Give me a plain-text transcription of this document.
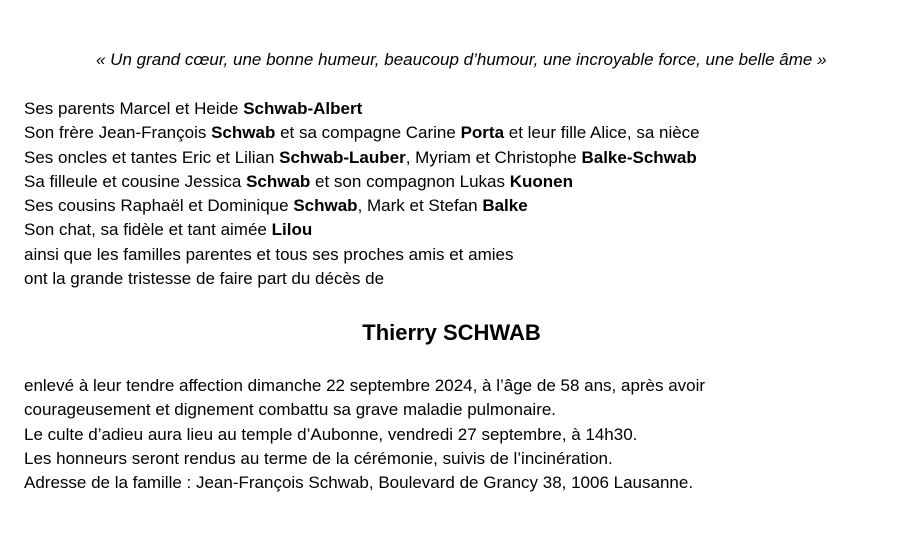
« Un grand cœur, une bonne humeur, beaucoup d’humour, une incroyable force, une belle âme »
Ses parents Marcel et Heide Schwab-Albert
Son frère Jean-François Schwab et sa compagne Carine Porta et leur fille Alice, sa nièce
Ses oncles et tantes Eric et Lilian Schwab-Lauber, Myriam et Christophe Balke-Schwab
Sa filleule et cousine Jessica Schwab et son compagnon Lukas Kuonen
Ses cousins Raphaël et Dominique Schwab, Mark et Stefan Balke
Son chat, sa fidèle et tant aimée Lilou
ainsi que les familles parentes et tous ses proches amis et amies
ont la grande tristesse de faire part du décès de
Thierry SCHWAB
enlevé à leur tendre affection dimanche 22 septembre 2024, à l’âge de 58 ans, après avoir
courageusement et dignement combattu sa grave maladie pulmonaire.
Le culte d’adieu aura lieu au temple d’Aubonne, vendredi 27 septembre, à 14h30.
Les honneurs seront rendus au terme de la cérémonie, suivis de l’incinération.
Adresse de la famille : Jean-François Schwab, Boulevard de Grancy 38, 1006 Lausanne.
